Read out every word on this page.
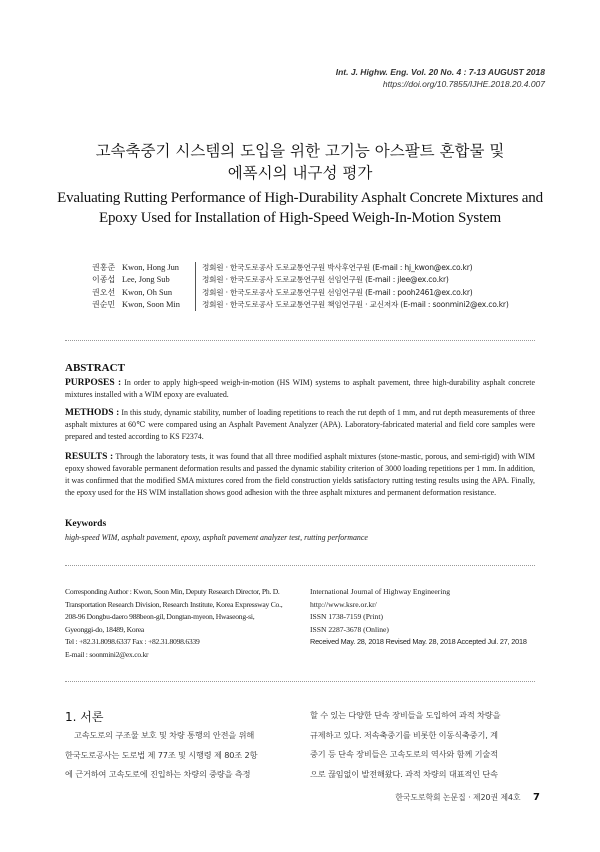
Int. J. Highw. Eng. Vol. 20 No. 4 : 7-13 AUGUST 2018
https://doi.org/10.7855/IJHE.2018.20.4.007
고속축중기 시스템의 도입을 위한 고기능 아스팔트 혼합물 및
에폭시의 내구성 평가
Evaluating Rutting Performance of High-Durability Asphalt Concrete Mixtures and
Epoxy Used for Installation of High-Speed Weigh-In-Motion System
권홍준 Kwon, Hong Jun	정회원 · 한국도로공사 도로교통연구원 박사후연구원 (E-mail : hj_kwon@ex.co.kr)
이종섭 Lee, Jong Sub	정회원 · 한국도로공사 도로교통연구원 선임연구원 (E-mail : jlee@ex.co.kr)
권오선 Kwon, Oh Sun	정회원 · 한국도로공사 도로교통연구원 선임연구원 (E-mail : pooh2461@ex.co.kr)
권순민 Kwon, Soon Min	정회원 · 한국도로공사 도로교통연구원 책임연구원 · 교신저자 (E-mail : soonmini2@ex.co.kr)
ABSTRACT
PURPOSES : In order to apply high-speed weigh-in-motion (HS WIM) systems to asphalt pavement, three high-durability asphalt concrete mixtures installed with a WIM epoxy are evaluated.
METHODS : In this study, dynamic stability, number of loading repetitions to reach the rut depth of 1 mm, and rut depth measurements of three asphalt mixtures at 60℃ were compared using an Asphalt Pavement Analyzer (APA). Laboratory-fabricated material and field core samples were prepared and tested according to KS F2374.
RESULTS : Through the laboratory tests, it was found that all three modified asphalt mixtures (stone-mastic, porous, and semi-rigid) with WIM epoxy showed favorable permanent deformation results and passed the dynamic stability criterion of 3000 loading repetitions per 1 mm. In addition, it was confirmed that the modified SMA mixtures cored from the field construction yields satisfactory rutting testing results using the APA. Finally, the epoxy used for the HS WIM installation shows good adhesion with the three asphalt mixtures and permanent deformation resistance.
Keywords
high-speed WIM, asphalt pavement, epoxy, asphalt pavement analyzer test, rutting performance
Corresponding Author : Kwon, Soon Min, Deputy Research Director, Ph. D.
Transportation Research Division, Research Institute, Korea Expressway Co.,
208-96 Dongbu-daero 988beon-gil, Dongtan-myeon, Hwaseong-si,
Gyeonggi-do, 18489, Korea
Tel : +82.31.8098.6337 Fax : +82.31.8098.6339
E-mail : soonmini2@ex.co.kr
International Journal of Highway Engineering
http://www.ksre.or.kr/
ISSN 1738-7159 (Print)
ISSN 2287-3678 (Online)
Received May. 28, 2018 Revised May. 28, 2018 Accepted Jul. 27, 2018
1. 서론
고속도로의 구조물 보호 및 차량 통행의 안전을 위해
한국도로공사는 도로법 제 77조 및 시행령 제 80조 2항
에 근거하여 고속도로에 진입하는 차량의 중량을 측정
할 수 있는 다양한 단속 장비들을 도입하여 과적 차량을
규제하고 있다. 저속축중기를 비롯한 이동식축중기, 계
중기 등 단속 장비들은 고속도로의 역사와 함께 기술적
으로 끊임없이 발전해왔다. 과적 차량의 대표적인 단속
한국도로학회 논문집 · 제20권 제4호 7
